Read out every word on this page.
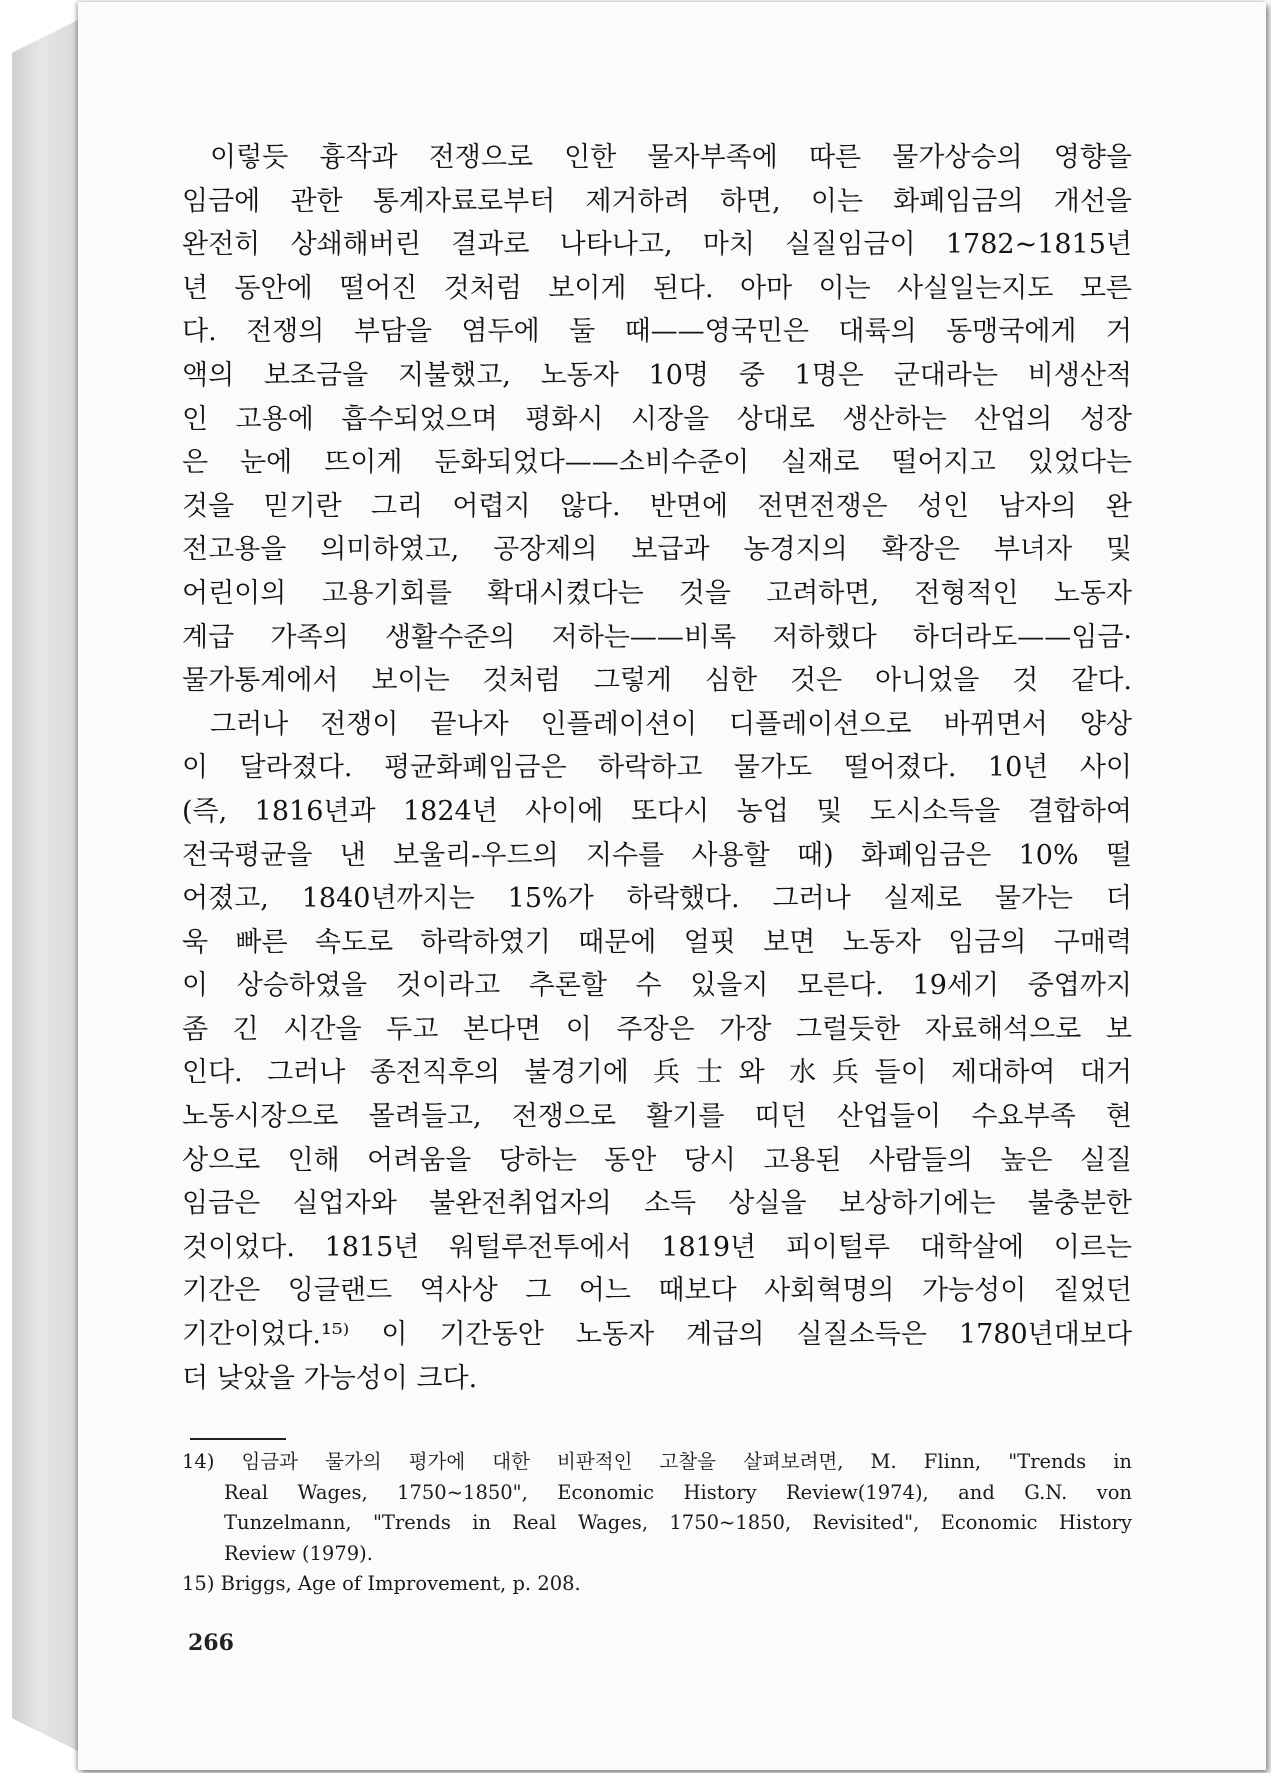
이렇듯 흉작과 전쟁으로 인한 물자부족에 따른 물가상승의 영향을
임금에 관한 통계자료로부터 제거하려 하면, 이는 화폐임금의 개선을
완전히 상쇄해버린 결과로 나타나고, 마치 실질임금이 1782~1815년
년 동안에 떨어진 것처럼 보이게 된다. 아마 이는 사실일는지도 모른
다. 전쟁의 부담을 염두에 둘 때——영국민은 대륙의 동맹국에게 거
액의 보조금을 지불했고, 노동자 10명 중 1명은 군대라는 비생산적
인 고용에 흡수되었으며 평화시 시장을 상대로 생산하는 산업의 성장
은 눈에 뜨이게 둔화되었다——소비수준이 실재로 떨어지고 있었다는
것을 믿기란 그리 어렵지 않다. 반면에 전면전쟁은 성인 남자의 완
전고용을 의미하였고, 공장제의 보급과 농경지의 확장은 부녀자 및
어린이의 고용기회를 확대시켰다는 것을 고려하면, 전형적인 노동자
계급 가족의 생활수준의 저하는——비록 저하했다 하더라도——임금·
물가통계에서 보이는 것처럼 그렇게 심한 것은 아니었을 것 같다.
그러나 전쟁이 끝나자 인플레이션이 디플레이션으로 바뀌면서 양상
이 달라졌다. 평균화폐임금은 하락하고 물가도 떨어졌다. 10년 사이
(즉, 1816년과 1824년 사이에 또다시 농업 및 도시소득을 결합하여
전국평균을 낸 보울리-우드의 지수를 사용할 때) 화폐임금은 10% 떨
어졌고, 1840년까지는 15%가 하락했다. 그러나 실제로 물가는 더
욱 빠른 속도로 하락하였기 때문에 얼핏 보면 노동자 임금의 구매력
이 상승하였을 것이라고 추론할 수 있을지 모른다. 19세기 중엽까지
좀 긴 시간을 두고 본다면 이 주장은 가장 그럴듯한 자료해석으로 보
인다. 그러나 종전직후의 불경기에 兵士와 水兵들이 제대하여 대거
노동시장으로 몰려들고, 전쟁으로 활기를 띠던 산업들이 수요부족 현
상으로 인해 어려움을 당하는 동안 당시 고용된 사람들의 높은 실질
임금은 실업자와 불완전취업자의 소득 상실을 보상하기에는 불충분한
것이었다. 1815년 워털루전투에서 1819년 피이털루 대학살에 이르는
기간은 잉글랜드 역사상 그 어느 때보다 사회혁명의 가능성이 짙었던
기간이었다.¹⁵⁾ 이 기간동안 노동자 계급의 실질소득은 1780년대보다
더 낮았을 가능성이 크다.
14) 임금과 물가의 평가에 대한 비판적인 고찰을 살펴보려면, M. Flinn, "Trends in
Real Wages, 1750~1850", Economic History Review(1974), and G.N. von
Tunzelmann, "Trends in Real Wages, 1750~1850, Revisited", Economic History
Review (1979).
15) Briggs, Age of Improvement, p. 208.
266
